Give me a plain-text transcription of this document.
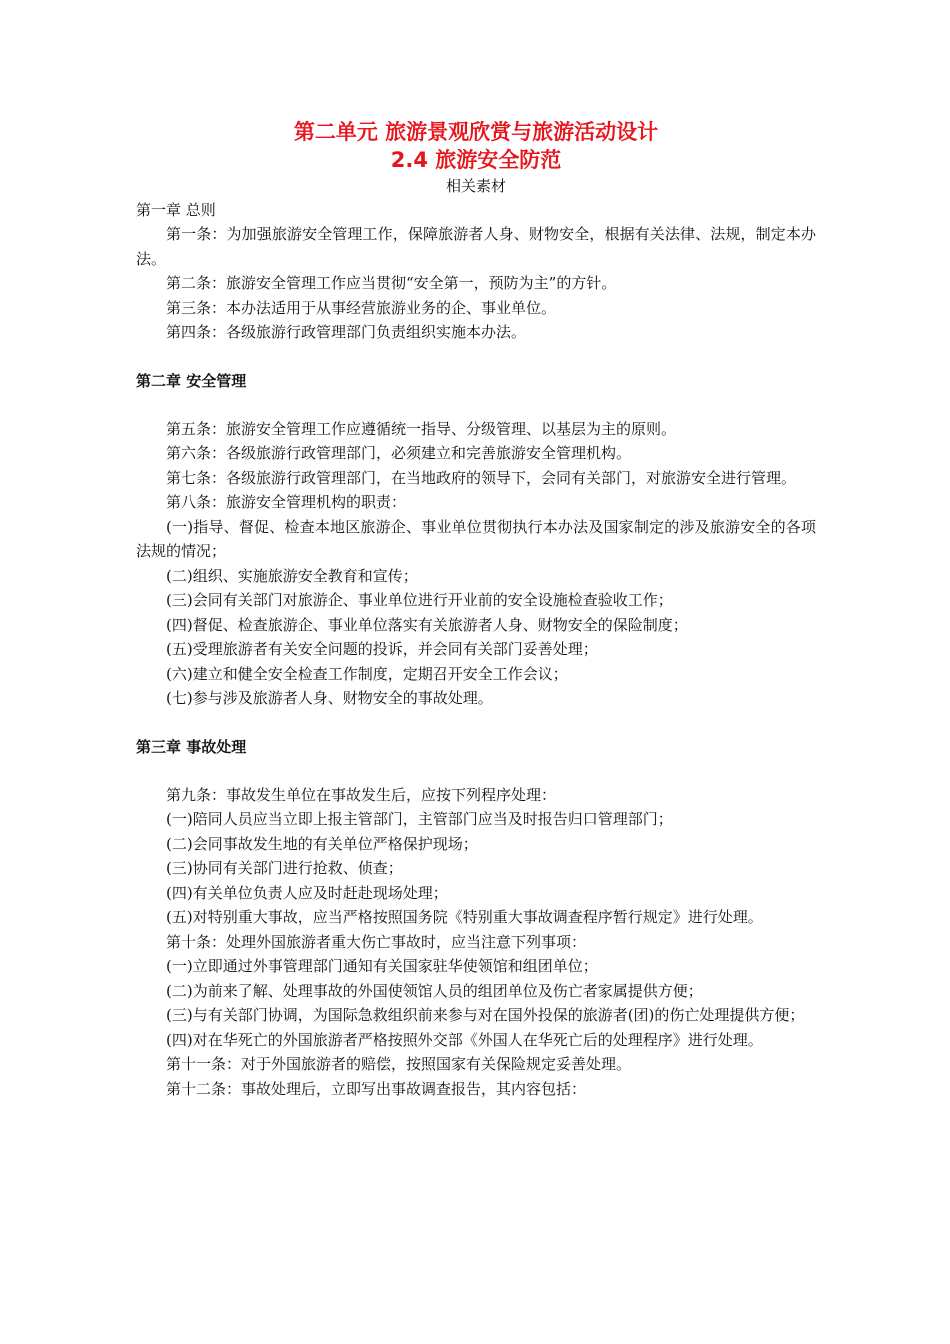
第二单元 旅游景观欣赏与旅游活动设计
2.4 旅游安全防范
相关素材
第一章 总则

第一条：为加强旅游安全管理工作，保障旅游者人身、财物安全，根据有关法律、法规，制定本办法。

第二条：旅游安全管理工作应当贯彻“安全第一，预防为主”的方针。

第三条：本办法适用于从事经营旅游业务的企、事业单位。

第四条：各级旅游行政管理部门负责组织实施本办法。

第二章 安全管理

第五条：旅游安全管理工作应遵循统一指导、分级管理、以基层为主的原则。

第六条：各级旅游行政管理部门，必须建立和完善旅游安全管理机构。

第七条：各级旅游行政管理部门，在当地政府的领导下，会同有关部门，对旅游安全进行管理。

第八条：旅游安全管理机构的职责：

(一)指导、督促、检查本地区旅游企、事业单位贯彻执行本办法及国家制定的涉及旅游安全的各项法规的情况；

(二)组织、实施旅游安全教育和宣传；

(三)会同有关部门对旅游企、事业单位进行开业前的安全设施检查验收工作；

(四)督促、检查旅游企、事业单位落实有关旅游者人身、财物安全的保险制度；

(五)受理旅游者有关安全问题的投诉，并会同有关部门妥善处理；

(六)建立和健全安全检查工作制度，定期召开安全工作会议；

(七)参与涉及旅游者人身、财物安全的事故处理。

第三章 事故处理

第九条：事故发生单位在事故发生后，应按下列程序处理：

(一)陪同人员应当立即上报主管部门，主管部门应当及时报告归口管理部门；

(二)会同事故发生地的有关单位严格保护现场；

(三)协同有关部门进行抢救、侦查；

(四)有关单位负责人应及时赶赴现场处理；

(五)对特别重大事故，应当严格按照国务院《特别重大事故调查程序暂行规定》进行处理。

第十条：处理外国旅游者重大伤亡事故时，应当注意下列事项：

(一)立即通过外事管理部门通知有关国家驻华使领馆和组团单位；

(二)为前来了解、处理事故的外国使领馆人员的组团单位及伤亡者家属提供方便；

(三)与有关部门协调，为国际急救组织前来参与对在国外投保的旅游者(团)的伤亡处理提供方便；

(四)对在华死亡的外国旅游者严格按照外交部《外国人在华死亡后的处理程序》进行处理。

第十一条：对于外国旅游者的赔偿，按照国家有关保险规定妥善处理。

第十二条：事故处理后，立即写出事故调查报告，其内容包括：
